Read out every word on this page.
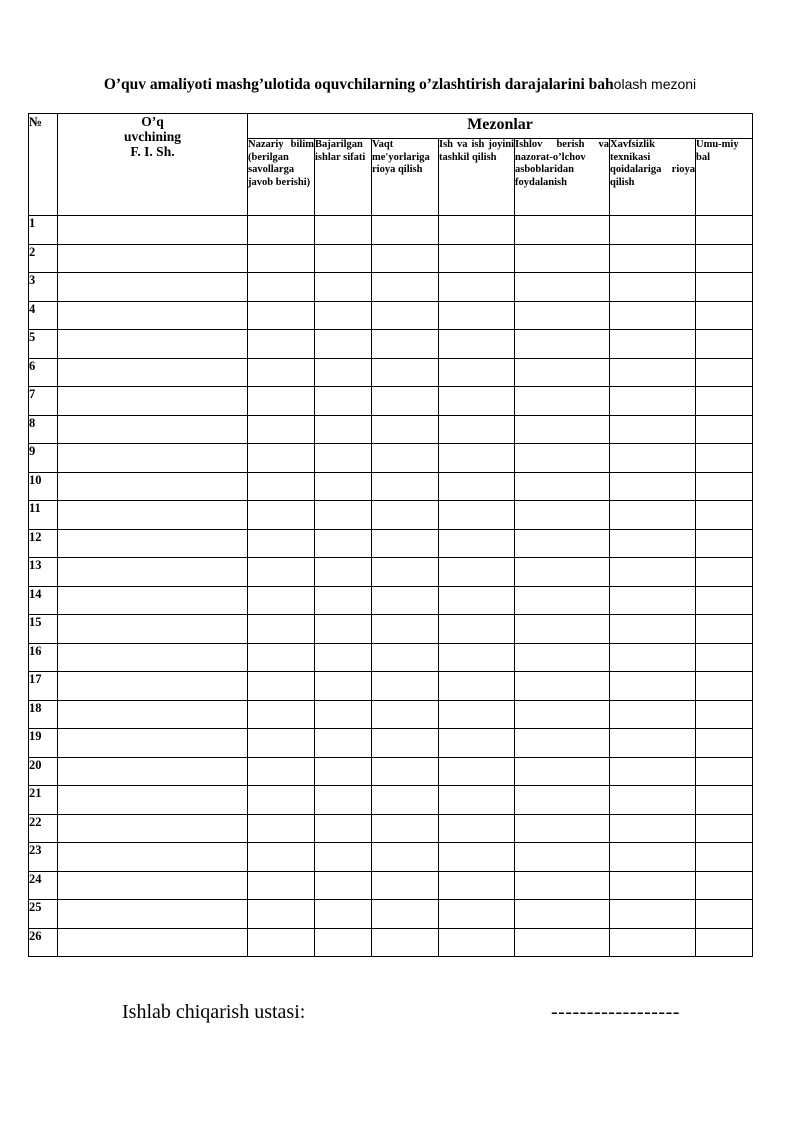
O’quv amaliyoti mashg’ulotida oquvchilarning o’zlashtirish darajalarini baholash mezoni
№	O’q
uvchining
F. I. Sh.	Mezonlar						
		Nazariy bilim (berilgan savollarga javob berishi)	Bajarilgan ishlar sifati	Vaqt me'yorlariga rioya qilish	Ish va ish joyini tashkil qilish	Ishlov berish va nazorat-o’lchov asboblaridan foydalanish	Xavfsizlik texnikasi qoidalariga rioya qilish	Umu-miy bal
1								
2								
3								
4								
5								
6								
7								
8								
9								
10								
11								
12								
13								
14								
15								
16								
17								
18								
19								
20								
21								
22								
23								
24								
25								
26								
Ishlab chiqarish ustasi:	------------------
